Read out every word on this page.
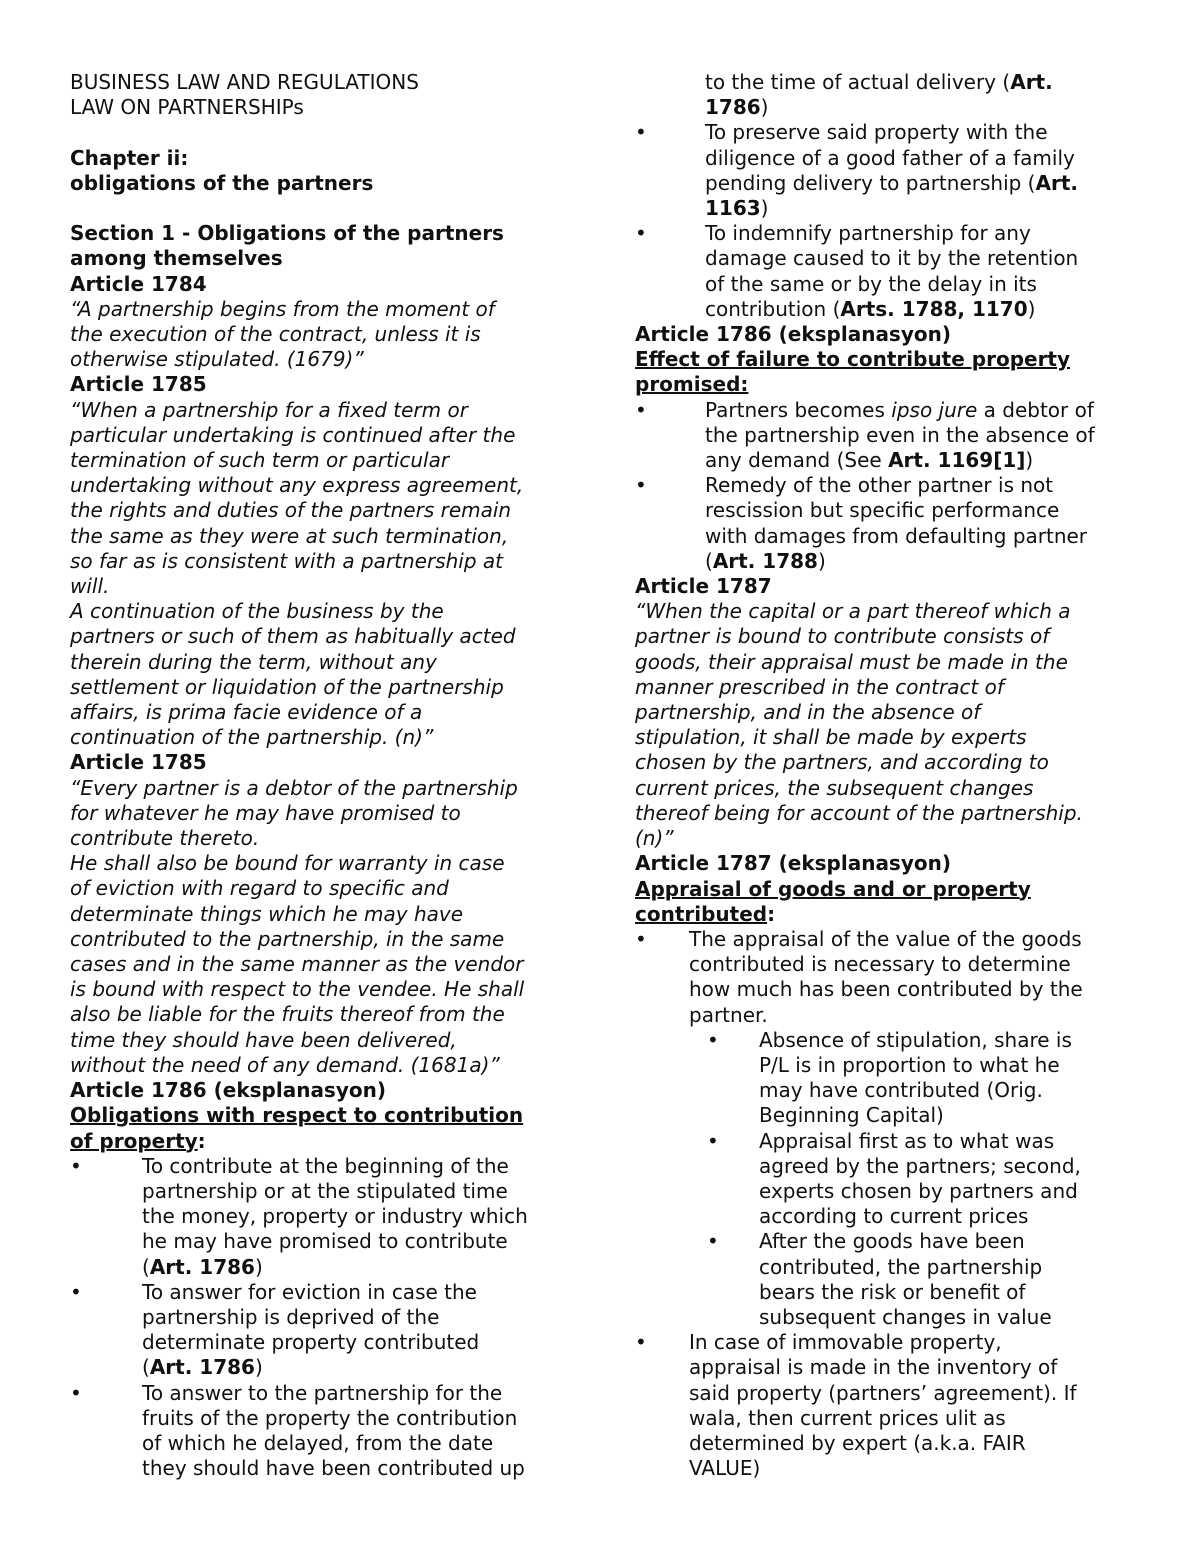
BUSINESS LAW AND REGULATIONS
LAW ON PARTNERSHIPs
Chapter ii:
obligations of the partners
Section 1 - Obligations of the partners
among themselves
Article 1784
“A partnership begins from the moment of
the execution of the contract, unless it is
otherwise stipulated. (1679)”
Article 1785
“When a partnership for a fixed term or
particular undertaking is continued after the
termination of such term or particular
undertaking without any express agreement,
the rights and duties of the partners remain
the same as they were at such termination,
so far as is consistent with a partnership at
will.
A continuation of the business by the
partners or such of them as habitually acted
therein during the term, without any
settlement or liquidation of the partnership
affairs, is prima facie evidence of a
continuation of the partnership. (n)”
Article 1785
“Every partner is a debtor of the partnership
for whatever he may have promised to
contribute thereto.
He shall also be bound for warranty in case
of eviction with regard to specific and
determinate things which he may have
contributed to the partnership, in the same
cases and in the same manner as the vendor
is bound with respect to the vendee. He shall
also be liable for the fruits thereof from the
time they should have been delivered,
without the need of any demand. (1681a)”
Article 1786 (eksplanasyon)
Obligations with respect to contribution
of property:
•	To contribute at the beginning of the
partnership or at the stipulated time
the money, property or industry which
he may have promised to contribute
(Art. 1786)
•	To answer for eviction in case the
partnership is deprived of the
determinate property contributed
(Art. 1786)
•	To answer to the partnership for the
fruits of the property the contribution
of which he delayed, from the date
they should have been contributed up
to the time of actual delivery (Art.
1786)
•	To preserve said property with the
diligence of a good father of a family
pending delivery to partnership (Art.
1163)
•	To indemnify partnership for any
damage caused to it by the retention
of the same or by the delay in its
contribution (Arts. 1788, 1170)
Article 1786 (eksplanasyon)
Effect of failure to contribute property
promised:
•	Partners becomes ipso jure a debtor of
the partnership even in the absence of
any demand (See Art. 1169[1])
•	Remedy of the other partner is not
rescission but specific performance
with damages from defaulting partner
(Art. 1788)
Article 1787
“When the capital or a part thereof which a
partner is bound to contribute consists of
goods, their appraisal must be made in the
manner prescribed in the contract of
partnership, and in the absence of
stipulation, it shall be made by experts
chosen by the partners, and according to
current prices, the subsequent changes
thereof being for account of the partnership.
(n)”
Article 1787 (eksplanasyon)
Appraisal of goods and or property
contributed:
• The appraisal of the value of the goods
contributed is necessary to determine
how much has been contributed by the
partner.
• Absence of stipulation, share is
P/L is in proportion to what he
may have contributed (Orig.
Beginning Capital)
• Appraisal first as to what was
agreed by the partners; second,
experts chosen by partners and
according to current prices
• After the goods have been
contributed, the partnership
bears the risk or benefit of
subsequent changes in value
• In case of immovable property,
appraisal is made in the inventory of
said property (partners’ agreement). If
wala, then current prices ulit as
determined by expert (a.k.a. FAIR
VALUE)
